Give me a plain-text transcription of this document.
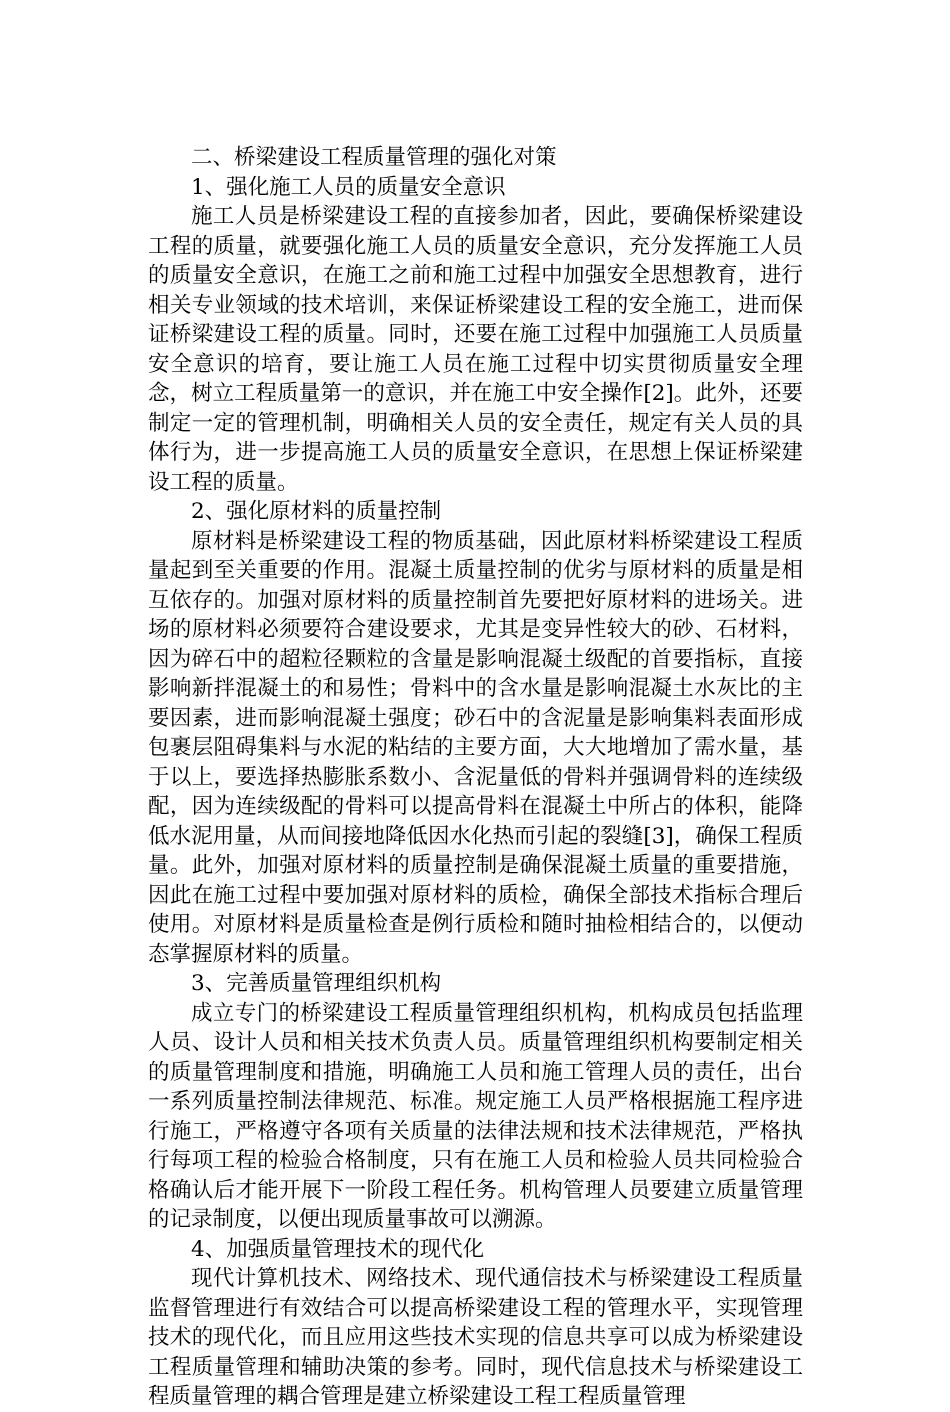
二、桥梁建设工程质量管理的强化对策

1、强化施工人员的质量安全意识

施工人员是桥梁建设工程的直接参加者，因此，要确保桥梁建设工程的质量，就要强化施工人员的质量安全意识，充分发挥施工人员的质量安全意识，在施工之前和施工过程中加强安全思想教育，进行相关专业领域的技术培训，来保证桥梁建设工程的安全施工，进而保证桥梁建设工程的质量。同时，还要在施工过程中加强施工人员质量安全意识的培育，要让施工人员在施工过程中切实贯彻质量安全理念，树立工程质量第一的意识，并在施工中安全操作[2]。此外，还要制定一定的管理机制，明确相关人员的安全责任，规定有关人员的具体行为，进一步提高施工人员的质量安全意识，在思想上保证桥梁建设工程的质量。

2、强化原材料的质量控制

原材料是桥梁建设工程的物质基础，因此原材料桥梁建设工程质量起到至关重要的作用。混凝土质量控制的优劣与原材料的质量是相互依存的。加强对原材料的质量控制首先要把好原材料的进场关。进场的原材料必须要符合建设要求，尤其是变异性较大的砂、石材料，因为碎石中的超粒径颗粒的含量是影响混凝土级配的首要指标，直接影响新拌混凝土的和易性；骨料中的含水量是影响混凝土水灰比的主要因素，进而影响混凝土强度；砂石中的含泥量是影响集料表面形成包裹层阻碍集料与水泥的粘结的主要方面，大大地增加了需水量，基于以上，要选择热膨胀系数小、含泥量低的骨料并强调骨料的连续级配，因为连续级配的骨料可以提高骨料在混凝土中所占的体积，能降低水泥用量，从而间接地降低因水化热而引起的裂缝[3]，确保工程质量。此外，加强对原材料的质量控制是确保混凝土质量的重要措施，因此在施工过程中要加强对原材料的质检，确保全部技术指标合理后使用。对原材料是质量检查是例行质检和随时抽检相结合的，以便动态掌握原材料的质量。

3、完善质量管理组织机构

成立专门的桥梁建设工程质量管理组织机构，机构成员包括监理人员、设计人员和相关技术负责人员。质量管理组织机构要制定相关的质量管理制度和措施，明确施工人员和施工管理人员的责任，出台一系列质量控制法律规范、标准。规定施工人员严格根据施工程序进行施工，严格遵守各项有关质量的法律法规和技术法律规范，严格执行每项工程的检验合格制度，只有在施工人员和检验人员共同检验合格确认后才能开展下一阶段工程任务。机构管理人员要建立质量管理的记录制度，以便出现质量事故可以溯源。

4、加强质量管理技术的现代化

现代计算机技术、网络技术、现代通信技术与桥梁建设工程质量监督管理进行有效结合可以提高桥梁建设工程的管理水平，实现管理技术的现代化，而且应用这些技术实现的信息共享可以成为桥梁建设工程质量管理和辅助决策的参考。同时，现代信息技术与桥梁建设工程质量管理的耦合管理是建立桥梁建设工程工程质量管理
